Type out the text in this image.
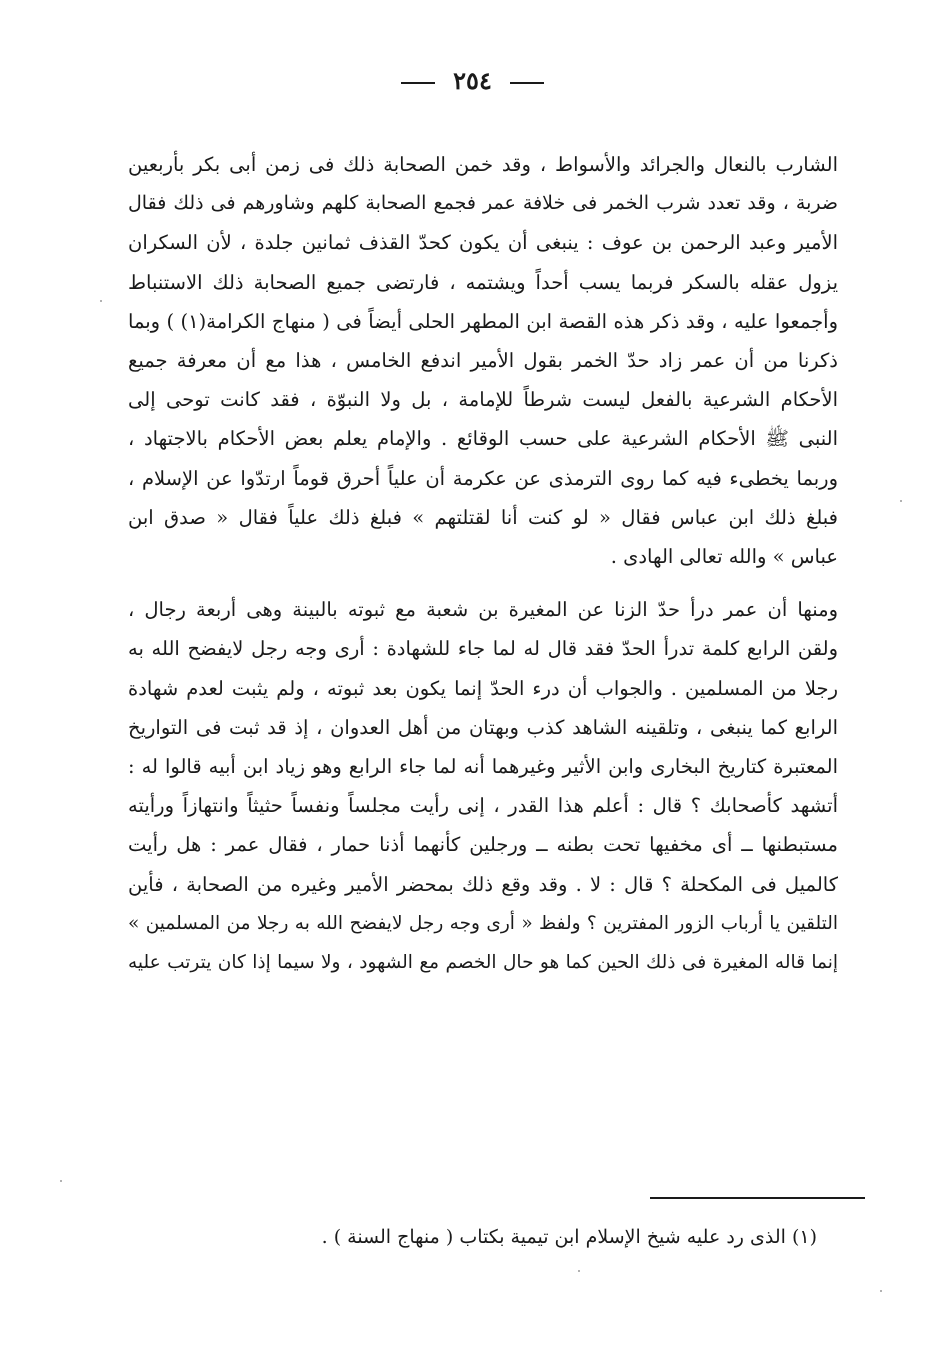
٢٥٤

الشارب بالنعال والجرائد والأسواط ، وقد خمن الصحابة ذلك فى زمن أبى بكر بأربعين
ضربة ، وقد تعدد شرب الخمر فى خلافة عمر فجمع الصحابة كلهم وشاورهم فى ذلك فقال
الأمير وعبد الرحمن بن عوف : ينبغى أن يكون كحدّ القذف ثمانين جلدة ، لأن السكران
يزول عقله بالسكر فربما يسب أحداً ويشتمه ، فارتضى جميع الصحابة ذلك الاستنباط
وأجمعوا عليه ، وقد ذكر هذه القصة ابن المطهر الحلى أيضاً فى ( منهاج الكرامة(١) ) وبما
ذكرنا من أن عمر زاد حدّ الخمر بقول الأمير اندفع الخامس ، هذا مع أن معرفة جميع
الأحكام الشرعية بالفعل ليست شرطاً للإمامة ، بل ولا النبوّة ، فقد كانت توحى إلى
النبى ﷺ الأحكام الشرعية على حسب الوقائع . والإمام يعلم بعض الأحكام بالاجتهاد ،
وربما يخطىء فيه كما روى الترمذى عن عكرمة أن علياً أحرق قوماً ارتدّوا عن الإسلام ،
فبلغ ذلك ابن عباس فقال « لو كنت أنا لقتلتهم » فبلغ ذلك علياً فقال « صدق ابن
عباس » والله تعالى الهادى .

ومنها أن عمر درأ حدّ الزنا عن المغيرة بن شعبة مع ثبوته بالبينة وهى أربعة رجال ،
ولقن الرابع كلمة تدرأ الحدّ فقد قال له لما جاء للشهادة : أرى وجه رجل لايفضح الله به
رجلا من المسلمين . والجواب أن درء الحدّ إنما يكون بعد ثبوته ، ولم يثبت لعدم شهادة
الرابع كما ينبغى ، وتلقينه الشاهد كذب وبهتان من أهل العدوان ، إذ قد ثبت فى التواريخ
المعتبرة كتاريخ البخارى وابن الأثير وغيرهما أنه لما جاء الرابع وهو زياد ابن أبيه قالوا له :
أتشهد كأصحابك ؟ قال : أعلم هذا القدر ، إنى رأيت مجلساً ونفساً حثيثاً وانتهازاً ورأيته
مستبطنها ــ أى مخفيها تحت بطنه ــ ورجلين كأنهما أذنا حمار ، فقال عمر : هل رأيت
كالميل فى المكحلة ؟ قال : لا . وقد وقع ذلك بمحضر الأمير وغيره من الصحابة ، فأين
التلقين يا أرباب الزور المفترين ؟ ولفظ « أرى وجه رجل لايفضح الله به رجلا من المسلمين »
إنما قاله المغيرة فى ذلك الحين كما هو حال الخصم مع الشهود ، ولا سيما إذا كان يترتب عليه

(١) الذى رد عليه شيخ الإسلام ابن تيمية بكتاب ( منهاج السنة ) .
